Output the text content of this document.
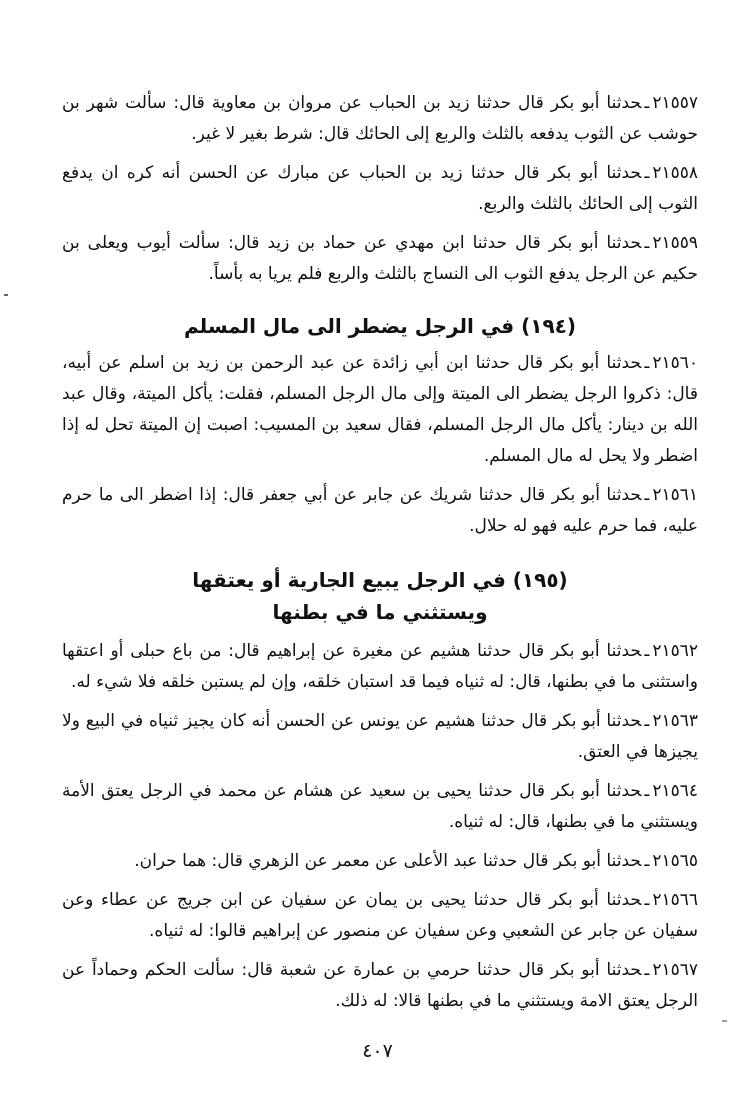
٢١٥٥٧ـحدثنا أبو بكر قال حدثنا زيد بن الحباب عن مروان بن معاوية قال: سألت شهر بن حوشب عن الثوب يدفعه بالثلث والربع إلى الحائك قال: شرط بغير لا غير.

٢١٥٥٨ـحدثنا أبو بكر قال حدثنا زيد بن الحباب عن مبارك عن الحسن أنه كره ان يدفع الثوب إلى الحائك بالثلث والربع.

٢١٥٥٩ـحدثنا أبو بكر قال حدثنا ابن مهدي عن حماد بن زيد قال: سألت أيوب ويعلى بن حكيم عن الرجل يدفع الثوب الى النساج بالثلث والربع فلم يريا به بأساً.

(١٩٤) في الرجل يضطر الى مال المسلم

٢١٥٦٠ـحدثنا أبو بكر قال حدثنا ابن أبي زائدة عن عبد الرحمن بن زيد بن اسلم عن أبيه، قال: ذكروا الرجل يضطر الى الميتة وإلى مال الرجل المسلم، فقلت: يأكل الميتة، وقال عبد الله بن دينار: يأكل مال الرجل المسلم، فقال سعيد بن المسيب: اصبت إن الميتة تحل له إذا اضطر ولا يحل له مال المسلم.

٢١٥٦١ـحدثنا أبو بكر قال حدثنا شريك عن جابر عن أبي جعفر قال: إذا اضطر الى ما حرم عليه، فما حرم عليه فهو له حلال.

(١٩٥) في الرجل يبيع الجارية أو يعتقها
ويستثني ما في بطنها

٢١٥٦٢ـحدثنا أبو بكر قال حدثنا هشيم عن مغيرة عن إبراهيم قال: من باع حبلى أو اعتقها واستثنى ما في بطنها، قال: له ثنياه فيما قد استبان خلقه، وإن لم يستبن خلقه فلا شيء له.

٢١٥٦٣ـحدثنا أبو بكر قال حدثنا هشيم عن يونس عن الحسن أنه كان يجيز ثنياه في البيع ولا يجيزها في العتق.

٢١٥٦٤ـحدثنا أبو بكر قال حدثنا يحيى بن سعيد عن هشام عن محمد في الرجل يعتق الأمة ويستثني ما في بطنها، قال: له ثنياه.

٢١٥٦٥ـحدثنا أبو بكر قال حدثنا عبد الأعلى عن معمر عن الزهري قال: هما حران.

٢١٥٦٦ـحدثنا أبو بكر قال حدثنا يحيى بن يمان عن سفيان عن ابن جريج عن عطاء وعن سفيان عن جابر عن الشعبي وعن سفيان عن منصور عن إبراهيم قالوا: له ثنياه.

٢١٥٦٧ـحدثنا أبو بكر قال حدثنا حرمي بن عمارة عن شعبة قال: سألت الحكم وحماداً عن الرجل يعتق الامة ويستثني ما في بطنها قالا: له ذلك.

٤٠٧
